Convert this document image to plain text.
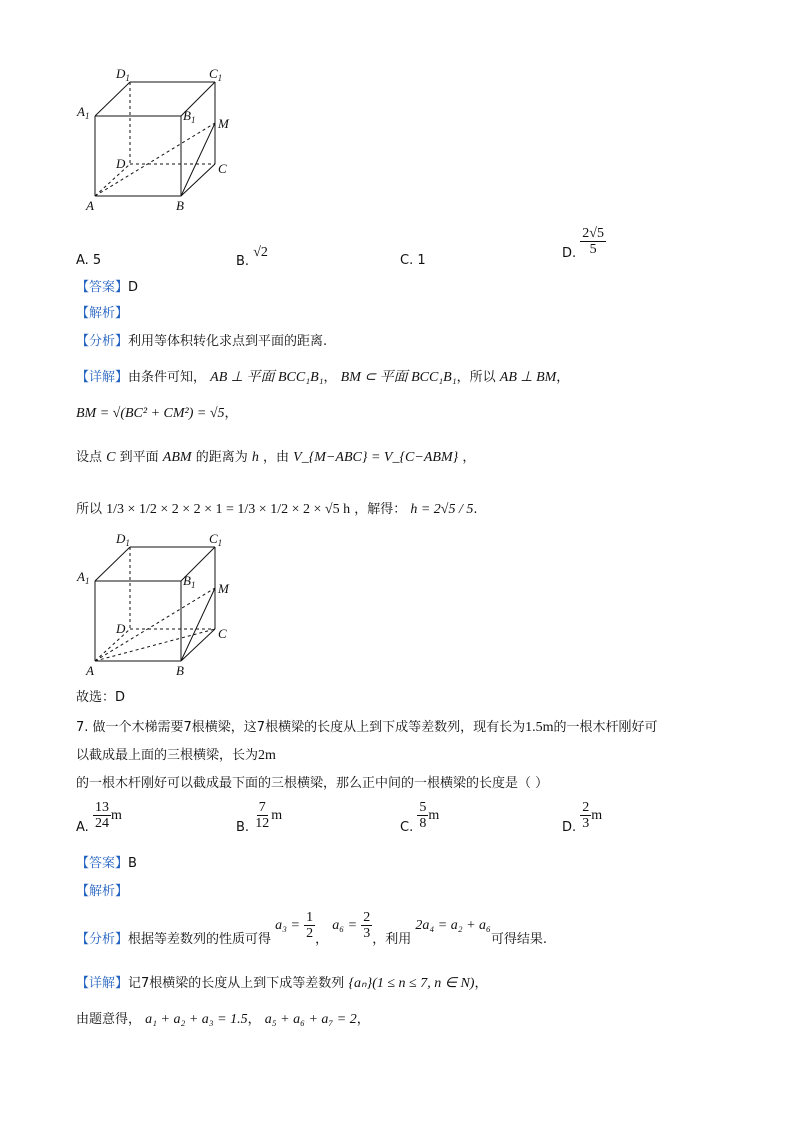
$D_1$	$C_1$
$A_1$	$B_1$ M
D	C
A	B
A. 5	B. √2
C. 1	D. $\frac{2√5}{5}$
【答案】D
【解析】
【分析】利用等体积转化求点到平面的距离.
【详解】由条件可知， AB ⊥ 平面 BCC₁B₁， BM ⊂ 平面 BCC₁B₁，所以 AB ⊥ BM，
BM = √(BC² + CM²) = √5，
设点 C 到平面 ABM 的距离为 h ，由 V_{M−ABC} = V_{C−ABM} ，
所以 1/3 × 1/2 × 2 × 2 × 1 = 1/3 × 1/2 × 2 × √5 h ，解得： h = 2√5 / 5.
$D_1$	$C_1$
$A_1$	$B_1$ M
D	C
A	B
故选：D
7. 做一个木梯需要7根横梁，这7根横梁的长度从上到下成等差数列，现有长为1.5m的一根木杆刚好可
以截成最上面的三根横梁，长为2m
的一根木杆刚好可以截成最下面的三根横梁，那么正中间的一根横梁的长度是（ ）
A. $\frac{13}{24}$ m
B. $\frac{7}{12}$ m
C. $\frac{5}{8}$ m
D. $\frac{2}{3}$ m
【答案】B
【解析】
【分析】根据等差数列的性质可得 $a_3 = \frac{1}{2}$ ， $a_6 = \frac{2}{3}$ ，利用 2a₄ = a₂ + a₆可得结果.
【详解】记7根横梁的长度从上到下成等差数列 {aₙ}(1 ≤ n ≤ 7, n ∈ N)，
由题意得， a₁ + a₂ + a₃ = 1.5， a₅ + a₆ + a₇ = 2，
